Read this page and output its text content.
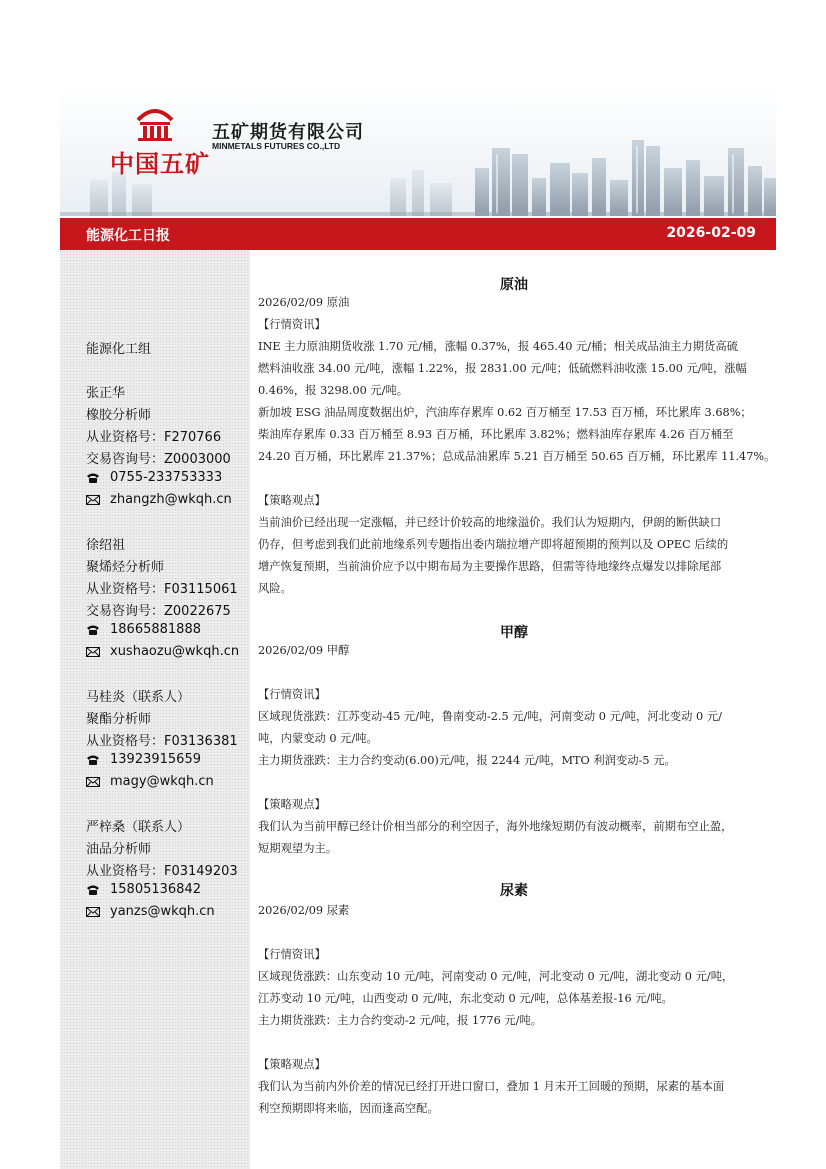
中国五矿
五矿期货有限公司
MINMETALS FUTURES CO.,LTD
能源化工日报	2026-02-09
能源化工组
张正华
橡胶分析师
从业资格号：F270766
交易咨询号：Z0003000
0755-233753333
zhangzh@wkqh.cn
徐绍祖
聚烯烃分析师
从业资格号：F03115061
交易咨询号：Z0022675
18665881888
xushaozu@wkqh.cn
马桂炎（联系人）
聚酯分析师
从业资格号：F03136381
13923915659
magy@wkqh.cn
严梓桑（联系人）
油品分析师
从业资格号：F03149203
15805136842
yanzs@wkqh.cn
原油
2026/02/09 原油
【行情资讯】
INE 主力原油期货收涨 1.70 元/桶，涨幅 0.37%，报 465.40 元/桶；相关成品油主力期货高硫
燃料油收涨 34.00 元/吨，涨幅 1.22%，报 2831.00 元/吨；低硫燃料油收涨 15.00 元/吨，涨幅
0.46%，报 3298.00 元/吨。
新加坡 ESG 油品周度数据出炉，汽油库存累库 0.62 百万桶至 17.53 百万桶，环比累库 3.68%；
柴油库存累库 0.33 百万桶至 8.93 百万桶，环比累库 3.82%；燃料油库存累库 4.26 百万桶至
24.20 百万桶，环比累库 21.37%；总成品油累库 5.21 百万桶至 50.65 百万桶，环比累库 11.47%。
【策略观点】
当前油价已经出现一定涨幅，并已经计价较高的地缘溢价。我们认为短期内，伊朗的断供缺口
仍存，但考虑到我们此前地缘系列专题指出委内瑞拉增产即将超预期的预判以及 OPEC 后续的
增产恢复预期，当前油价应予以中期布局为主要操作思路，但需等待地缘终点爆发以排除尾部
风险。
甲醇
2026/02/09 甲醇
【行情资讯】
区域现货涨跌：江苏变动-45 元/吨，鲁南变动-2.5 元/吨，河南变动 0 元/吨，河北变动 0 元/
吨，内蒙变动 0 元/吨。
主力期货涨跌：主力合约变动(6.00)元/吨，报 2244 元/吨，MTO 利润变动-5 元。
【策略观点】
我们认为当前甲醇已经计价相当部分的利空因子，海外地缘短期仍有波动概率，前期布空止盈，
短期观望为主。
尿素
2026/02/09 尿素
【行情资讯】
区域现货涨跌：山东变动 10 元/吨，河南变动 0 元/吨，河北变动 0 元/吨，湖北变动 0 元/吨，
江苏变动 10 元/吨，山西变动 0 元/吨，东北变动 0 元/吨，总体基差报-16 元/吨。
主力期货涨跌：主力合约变动-2 元/吨，报 1776 元/吨。
【策略观点】
我们认为当前内外价差的情况已经打开进口窗口，叠加 1 月末开工回暖的预期，尿素的基本面
利空预期即将来临，因而逢高空配。
